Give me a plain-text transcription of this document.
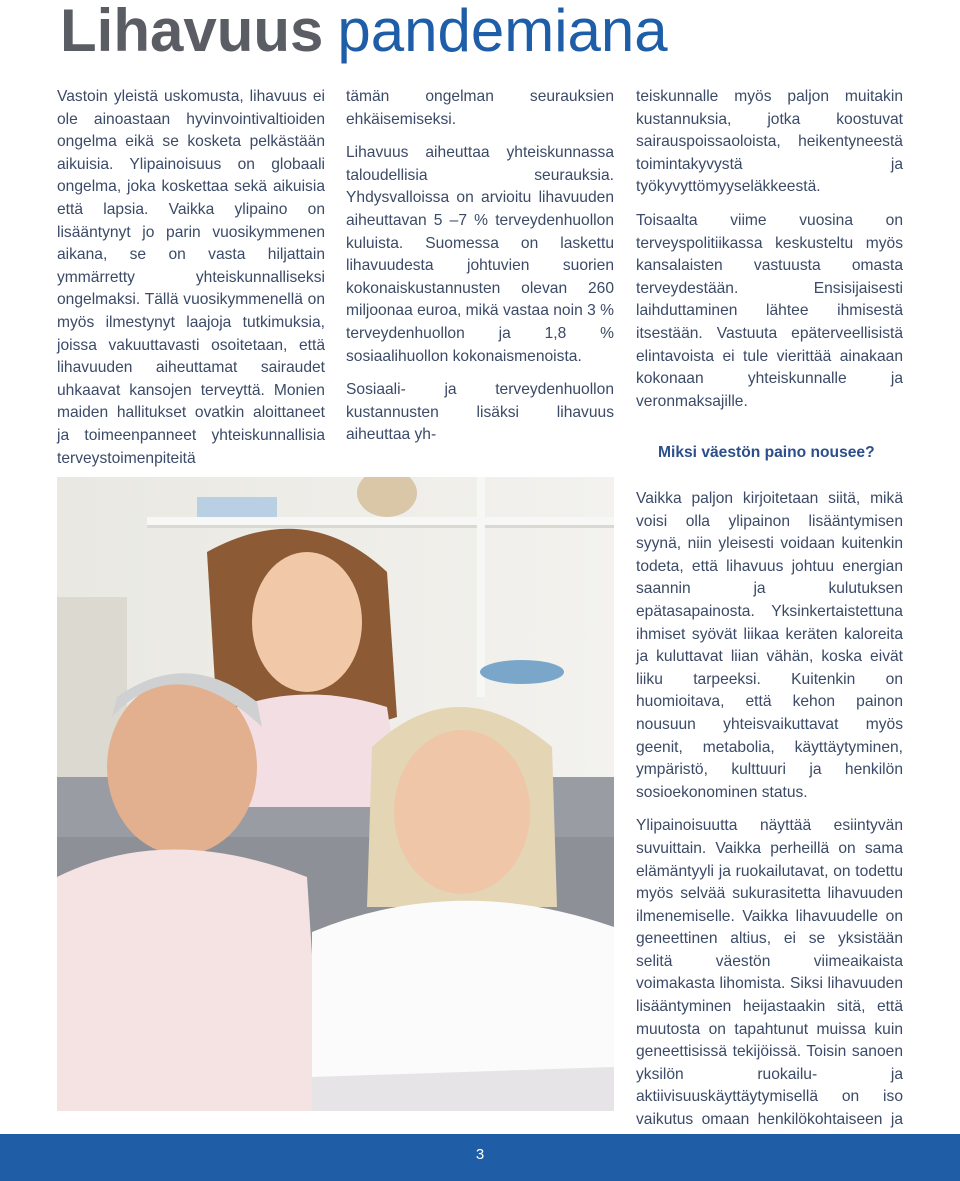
Lihavuus pandemiana

Vastoin yleistä uskomusta, lihavuus ei ole ainoastaan hyvinvointivaltioiden ongelma eikä se kosketa pelkästään aikuisia. Ylipainoisuus on globaali ongelma, joka koskettaa sekä aikuisia että lapsia. Vaikka ylipaino on lisääntynyt jo parin vuosikymmenen aikana, se on vasta hiljattain ymmärretty yhteiskunnalliseksi ongelmaksi. Tällä vuosikymmenellä on myös ilmestynyt laajoja tutkimuksia, joissa vakuuttavasti osoitetaan, että lihavuuden aiheuttamat sairaudet uhkaavat kansojen terveyttä. Monien maiden hallitukset ovatkin aloittaneet ja toimeenpanneet yhteiskunnallisia terveystoimenpiteitä

tämän ongelman seurauksien ehkäisemiseksi.

Lihavuus aiheuttaa yhteiskunnassa taloudellisia seurauksia. Yhdysvalloissa on arvioitu lihavuuden aiheuttavan 5 –7 % terveydenhuollon kuluista. Suomessa on laskettu lihavuudesta johtuvien suorien kokonaiskustannusten olevan 260 miljoonaa euroa, mikä vastaa noin 3 % terveydenhuollon ja 1,8 % sosiaalihuollon kokonaismenoista.

Sosiaali- ja terveydenhuollon kustannusten lisäksi lihavuus aiheuttaa yh-

teiskunnalle myös paljon muitakin kustannuksia, jotka koostuvat sairauspoissaoloista, heikentyneestä toimintakyvystä ja työkyvyttömyyseläkkeestä.

Toisaalta viime vuosina on terveyspolitiikassa keskusteltu myös kansalaisten vastuusta omasta terveydestään. Ensisijaisesti laihduttaminen lähtee ihmisestä itsestään. Vastuuta epäterveellisistä elintavoista ei tule vierittää ainakaan kokonaan yhteiskunnalle ja veronmaksajille.

Miksi väestön paino nousee?

Vaikka paljon kirjoitetaan siitä, mikä voisi olla ylipainon lisääntymisen syynä, niin yleisesti voidaan kuitenkin todeta, että lihavuus johtuu energian saannin ja kulutuksen epätasapainosta. Yksinkertaistettuna ihmiset syövät liikaa keräten kaloreita ja kuluttavat liian vähän, koska eivät liiku tarpeeksi. Kuitenkin on huomioitava, että kehon painon nousuun yhteisvaikuttavat myös geenit, metabolia, käyttäytyminen, ympäristö, kulttuuri ja henkilön sosioekonominen status.

Ylipainoisuutta näyttää esiintyvän suvuittain. Vaikka perheillä on sama elämäntyyli ja ruokailutavat, on todettu myös selvää sukurasitetta lihavuuden ilmenemiselle. Vaikka lihavuudelle on geneettinen altius, ei se yksistään selitä väestön viimeaikaista voimakasta lihomista. Siksi lihavuuden lisääntyminen heijastaakin sitä, että muutosta on tapahtunut muissa kuin geneettisissä tekijöissä. Toisin sanoen yksilön ruokailu- ja aktiivisuuskäyttäytymisellä on iso vaikutus omaan henkilökohtaiseen ja

3
